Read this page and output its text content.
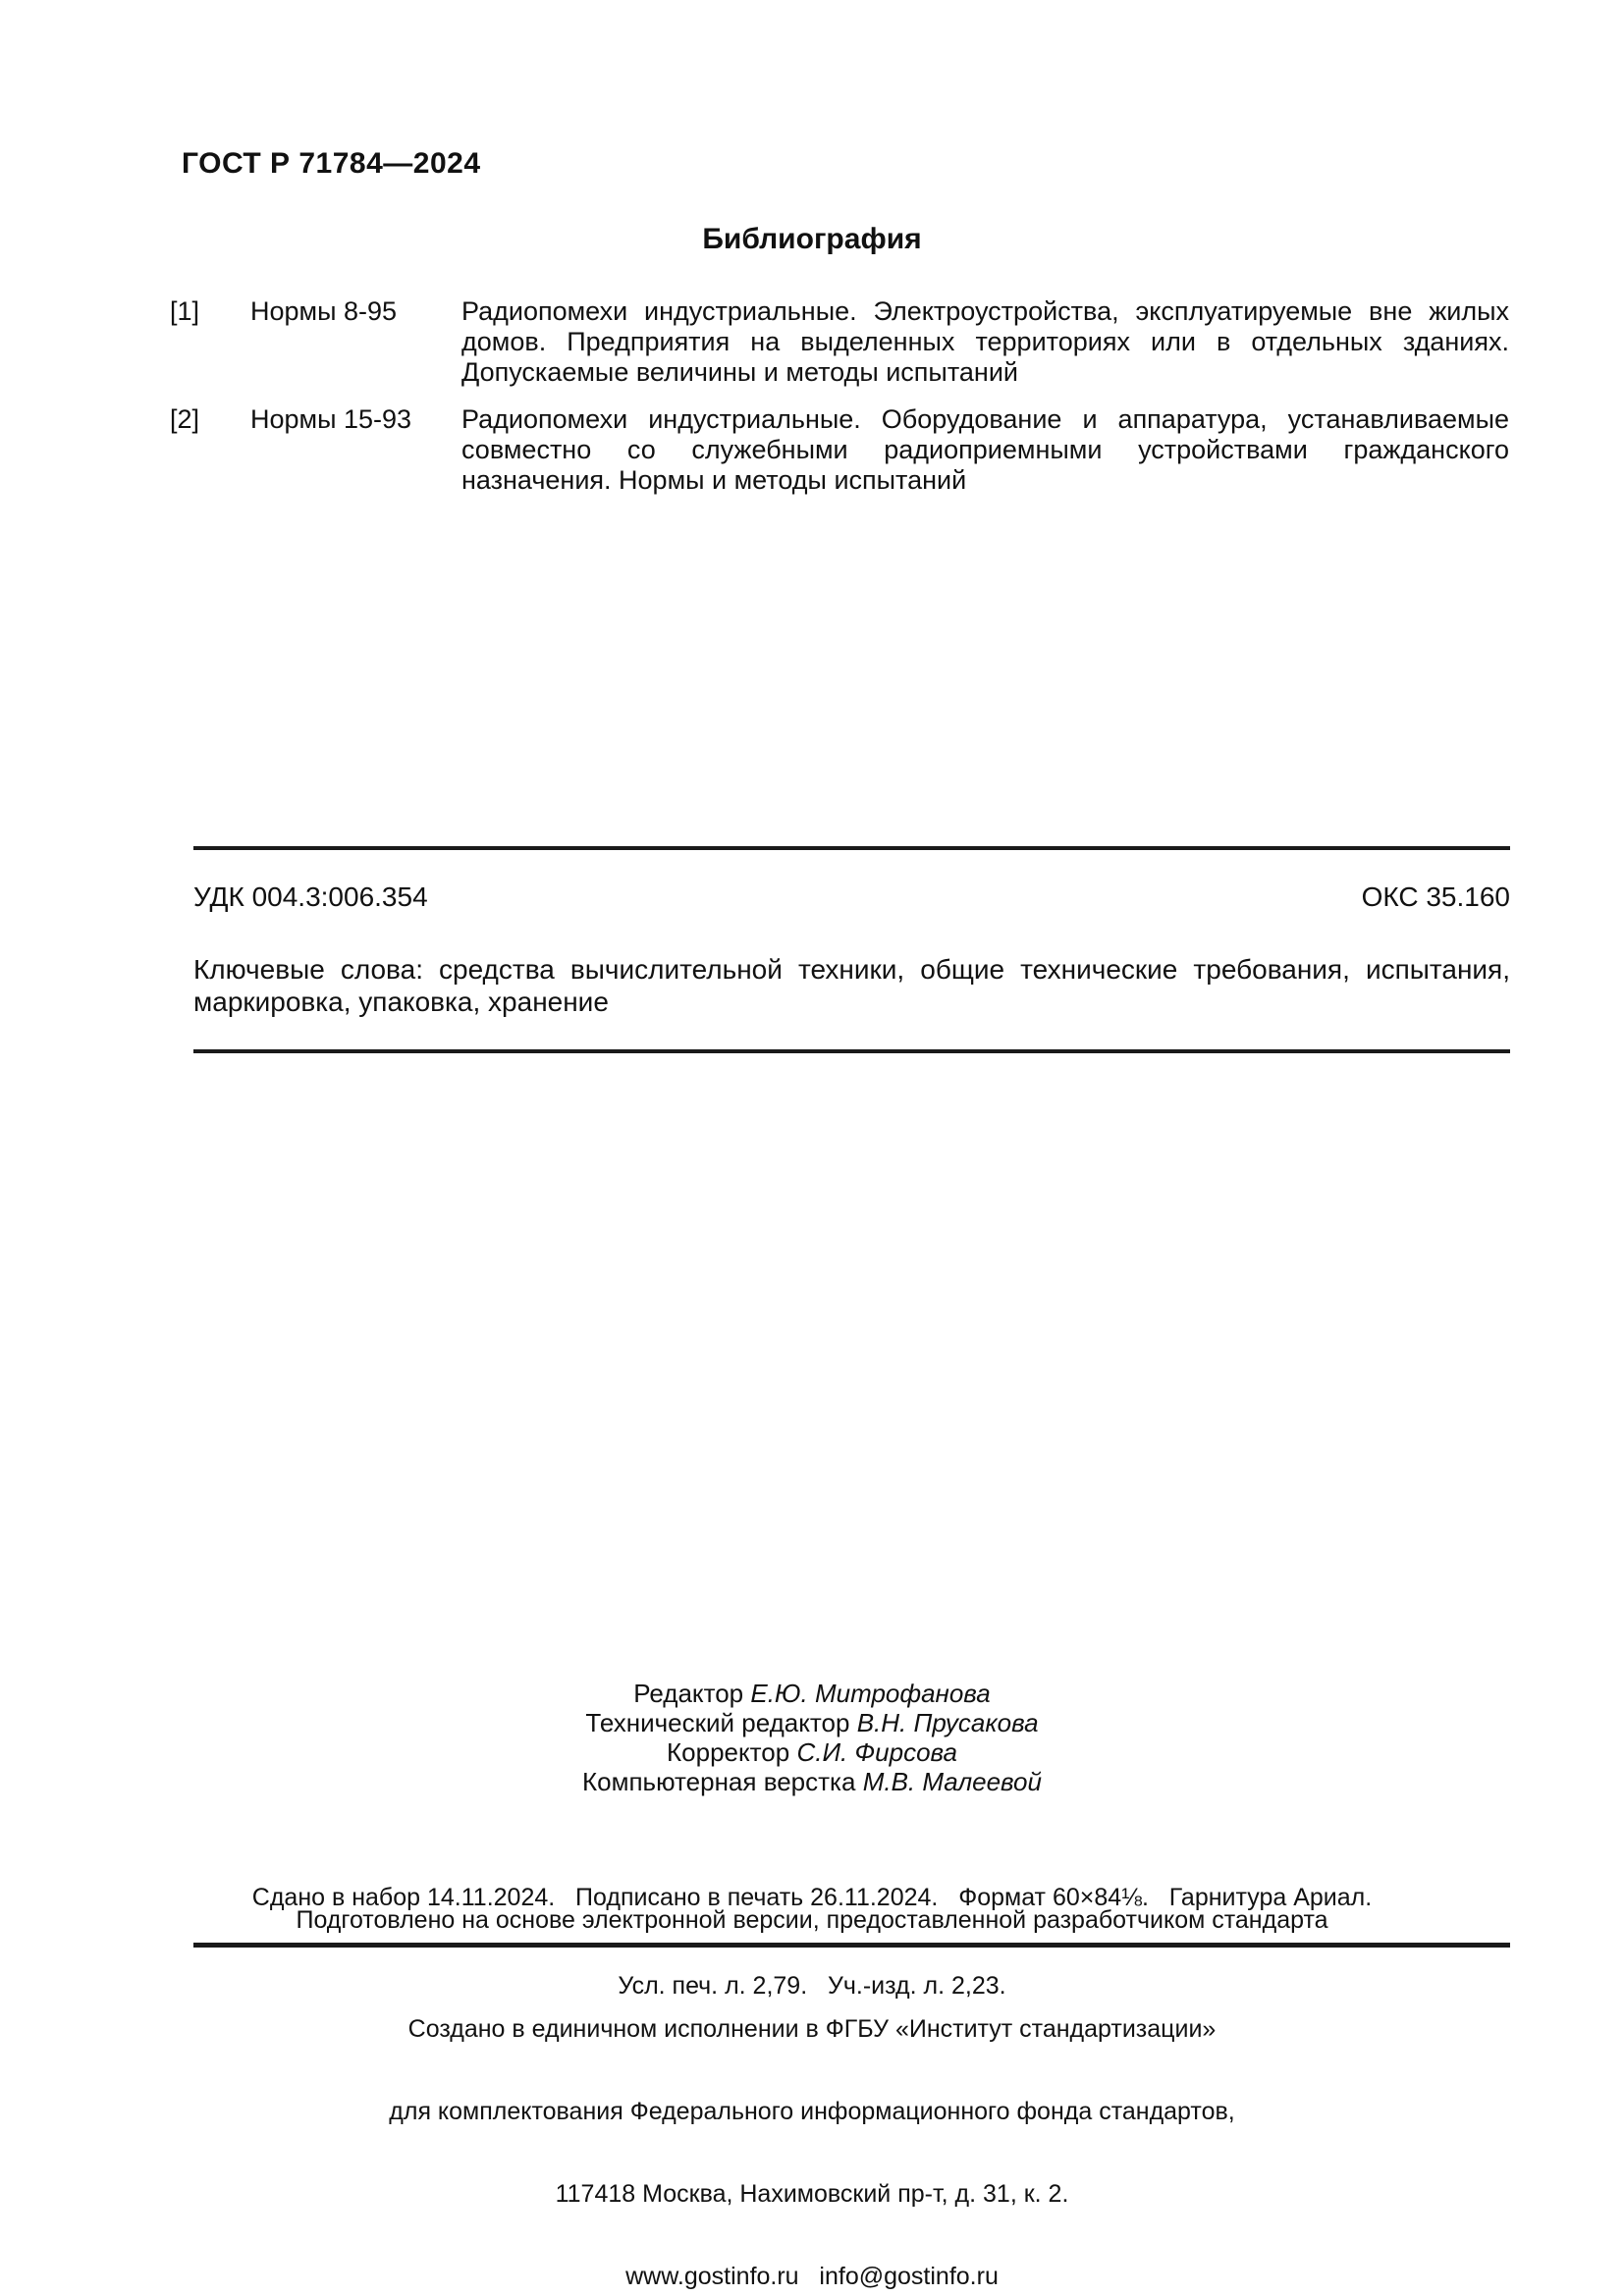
ГОСТ Р 71784—2024
Библиография
[1]	Нормы 8-95	Радиопомехи индустриальные. Электроустройства, эксплуатируемые вне жилых домов. Предприятия на выделенных территориях или в отдельных зданиях. Допускаемые величины и методы испытаний
[2]	Нормы 15-93	Радиопомехи индустриальные. Оборудование и аппаратура, устанавливаемые совместно со служебными радиоприемными устройствами гражданского назначения. Нормы и методы испытаний
УДК 004.3:006.354	ОКС 35.160
Ключевые слова: средства вычислительной техники, общие технические требования, испытания, маркировка, упаковка, хранение
Редактор Е.Ю. Митрофанова
Технический редактор В.Н. Прусакова
Корректор С.И. Фирсова
Компьютерная верстка М.В. Малеевой

Сдано в набор 14.11.2024.   Подписано в печать 26.11.2024.   Формат 60×84⅛.   Гарнитура Ариал.

Усл. печ. л. 2,79.   Уч.-изд. л. 2,23.

Подготовлено на основе электронной версии, предоставленной разработчиком стандарта

Создано в единичном исполнении в ФГБУ «Институт стандартизации»

для комплектования Федерального информационного фонда стандартов,

117418 Москва, Нахимовский пр-т, д. 31, к. 2.

www.gostinfo.ru   info@gostinfo.ru
